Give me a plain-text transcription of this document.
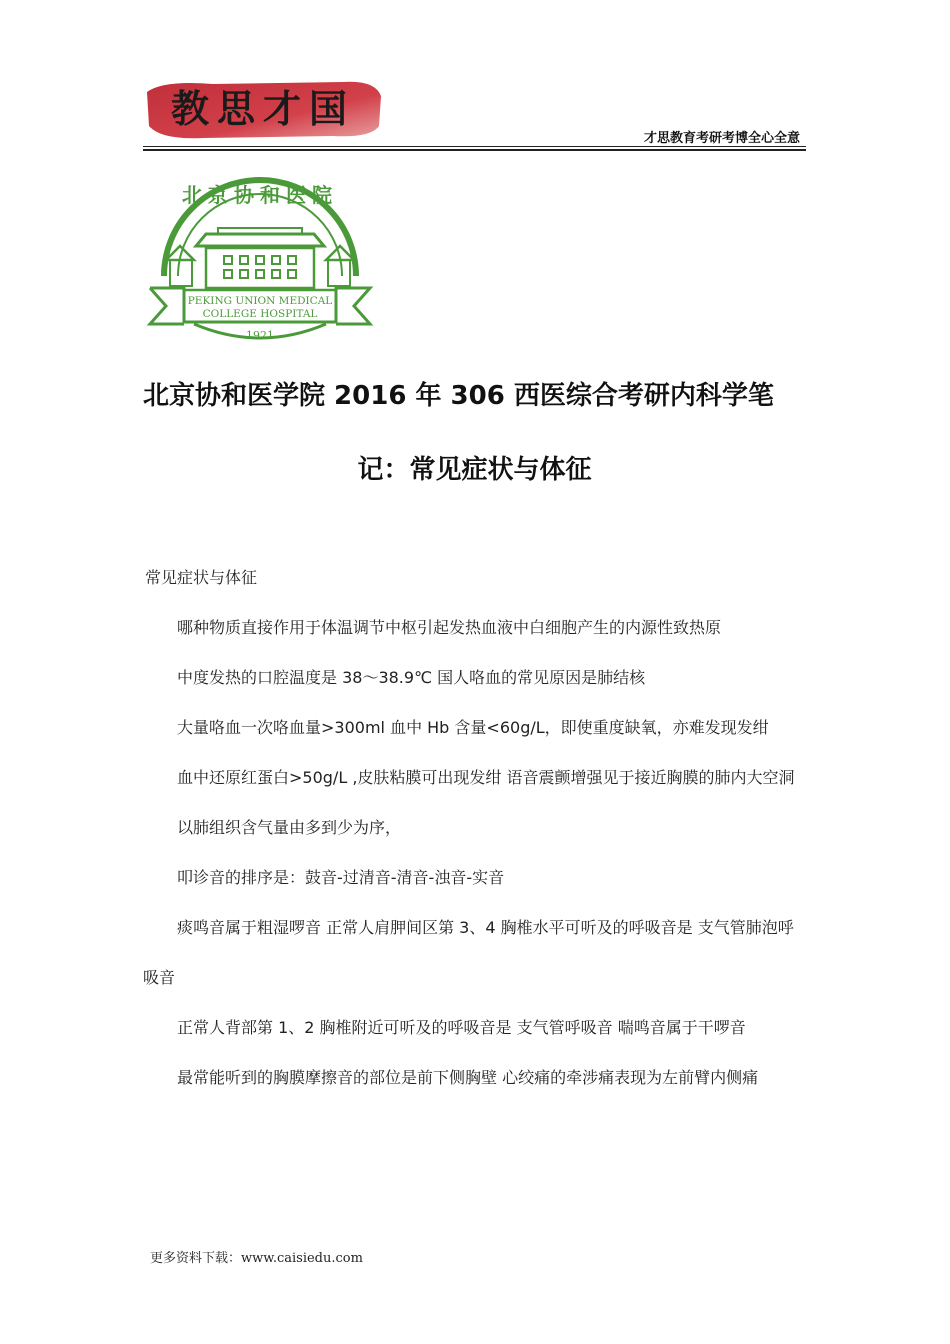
教思才国
才思教育考研考博全心全意
北京协和医院
PEKING UNION MEDICAL
COLLEGE HOSPITAL
1921
北京协和医学院 2016 年 306 西医综合考研内科学笔
记：常见症状与体征

常见症状与体征

哪种物质直接作用于体温调节中枢引起发热血液中白细胞产生的内源性致热原

中度发热的口腔温度是 38～38.9℃ 国人咯血的常见原因是肺结核

大量咯血一次咯血量>300ml 血中 Hb 含量<60g/L，即使重度缺氧，亦难发现发绀

血中还原红蛋白>50g/L ,皮肤粘膜可出现发绀 语音震颤增强见于接近胸膜的肺内大空洞

以肺组织含气量由多到少为序，

叩诊音的排序是：鼓音-过清音-清音-浊音-实音

痰鸣音属于粗湿啰音 正常人肩胛间区第 3、4 胸椎水平可听及的呼吸音是 支气管肺泡呼吸音

正常人背部第 1、2 胸椎附近可听及的呼吸音是 支气管呼吸音 喘鸣音属于干啰音

最常能听到的胸膜摩擦音的部位是前下侧胸壁 心绞痛的牵涉痛表现为左前臂内侧痛

更多资料下载：www.caisiedu.com
